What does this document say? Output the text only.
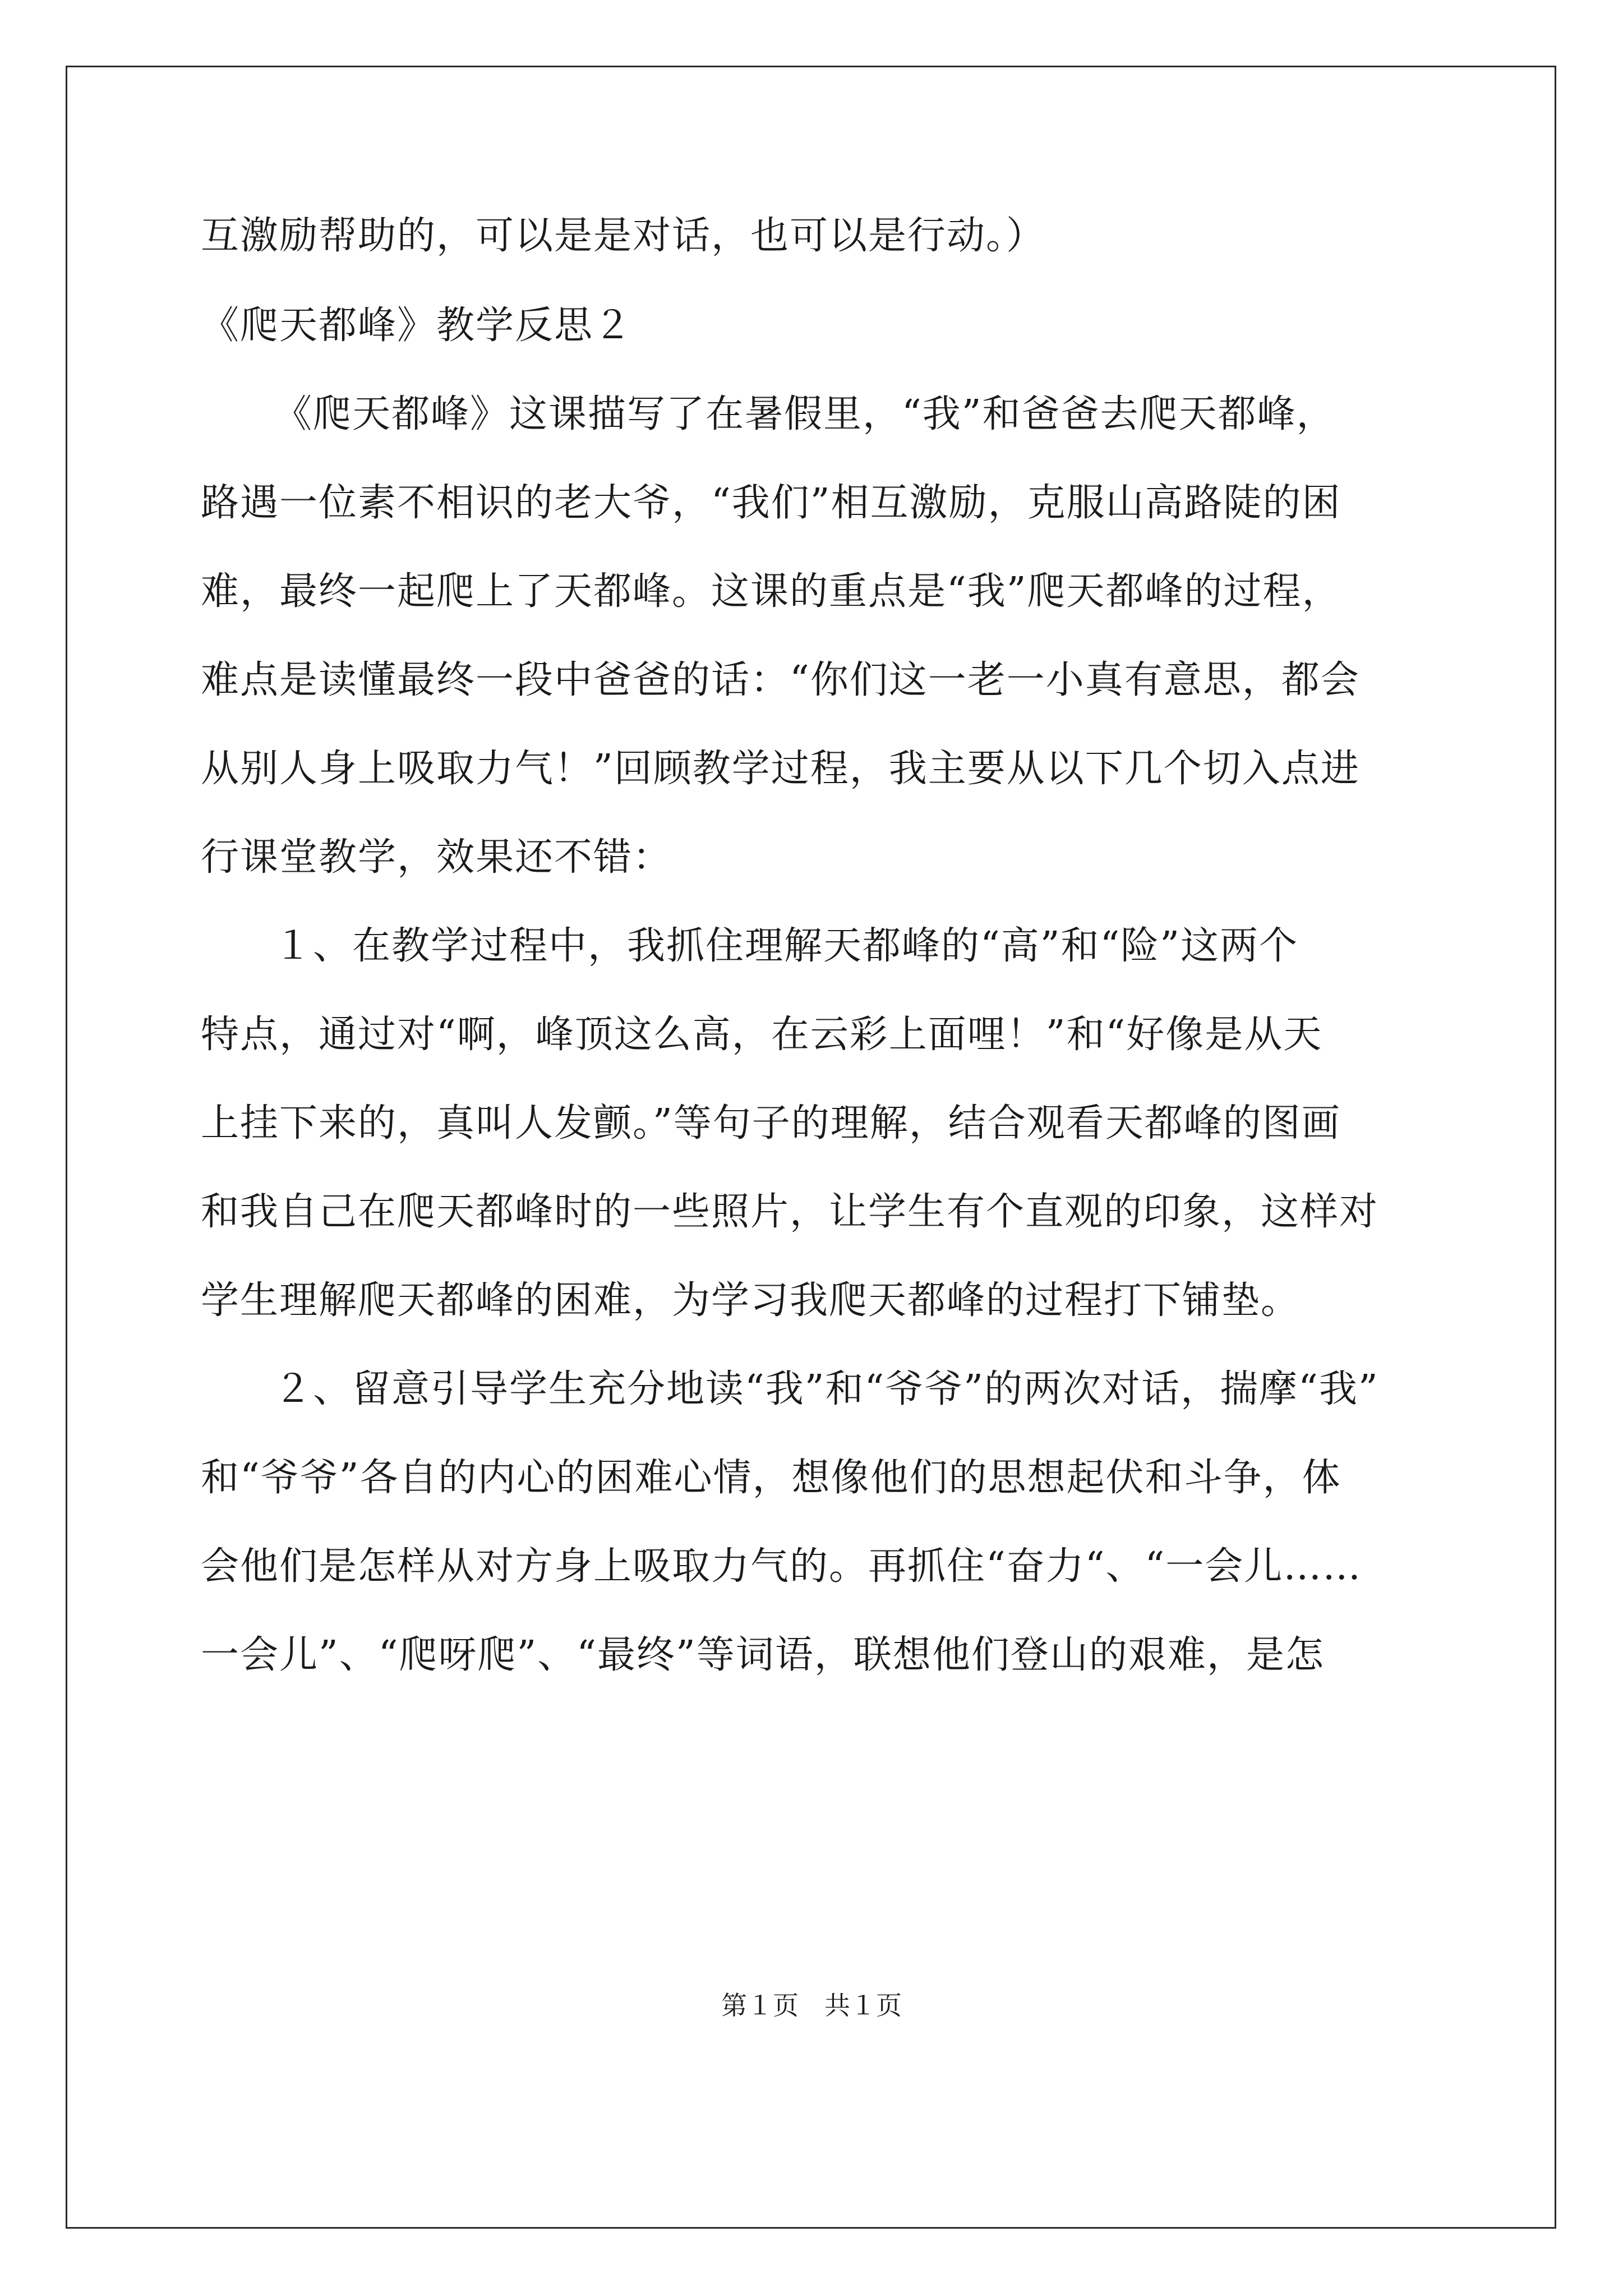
互激励帮助的，可以是是对话，也可以是行动。）
《爬天都峰》教学反思２
《爬天都峰》这课描写了在暑假里，“我”和爸爸去爬天都峰，
路遇一位素不相识的老大爷，“我们”相互激励，克服山高路陡的困
难，最终一起爬上了天都峰。这课的重点是“我”爬天都峰的过程，
难点是读懂最终一段中爸爸的话：“你们这一老一小真有意思，都会
从别人身上吸取力气！”回顾教学过程，我主要从以下几个切入点进
行课堂教学，效果还不错：
１、在教学过程中，我抓住理解天都峰的“高”和“险”这两个
特点，通过对“啊，峰顶这么高，在云彩上面哩！”和“好像是从天
上挂下来的，真叫人发颤。”等句子的理解，结合观看天都峰的图画
和我自己在爬天都峰时的一些照片，让学生有个直观的印象，这样对
学生理解爬天都峰的困难，为学习我爬天都峰的过程打下铺垫。
２、留意引导学生充分地读“我”和“爷爷”的两次对话，揣摩“我”
和“爷爷”各自的内心的困难心情，想像他们的思想起伏和斗争，体
会他们是怎样从对方身上吸取力气的。再抓住“奋力“、“一会儿……
一会儿”、“爬呀爬”、“最终”等词语，联想他们登山的艰难，是怎
第１页　共１页
